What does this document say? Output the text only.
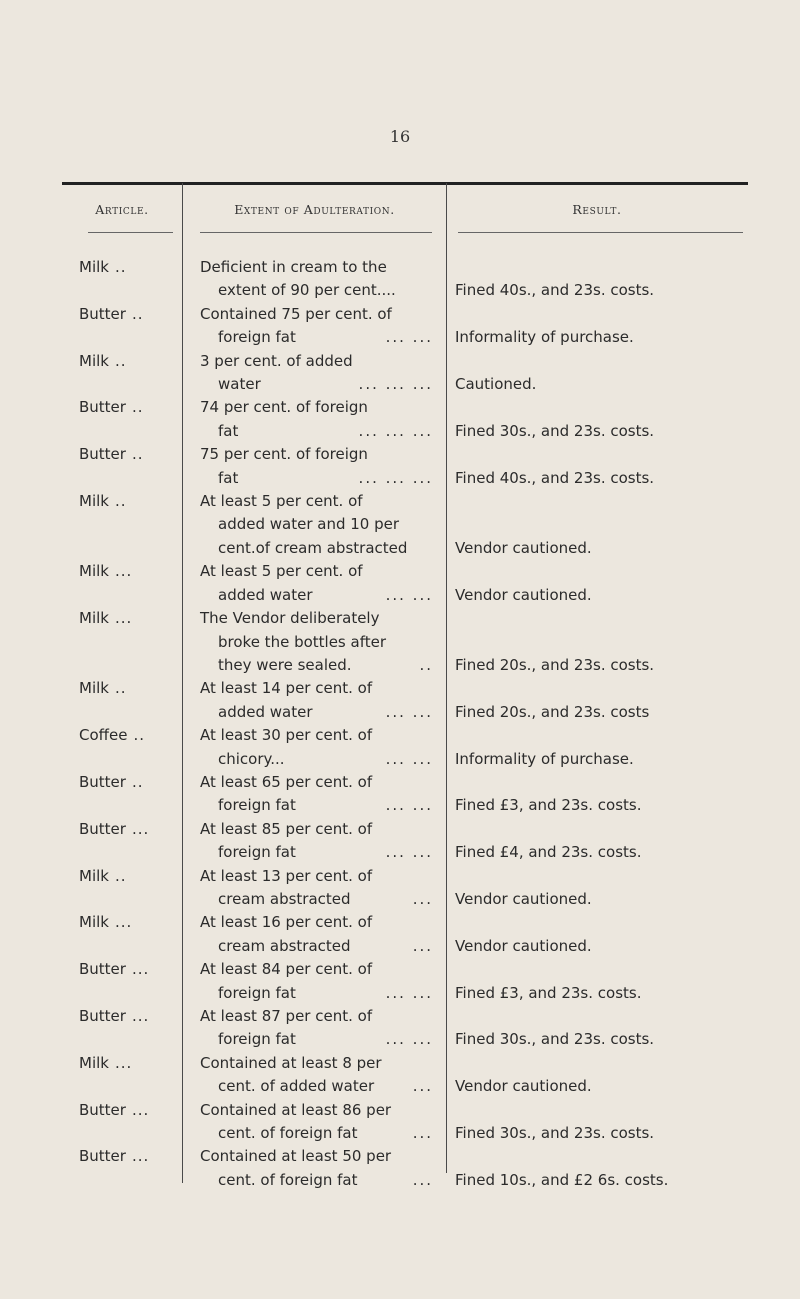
16
Article.	Extent of Adulteration.	Result.
Milk ..	Deficient in cream to the
extent of 90 per cent....	Fined 40s., and 23s. costs.
Butter ..	Contained 75 per cent. of
foreign fat	... ... Informality of purchase.
Milk ..	3 per cent. of added
water	... ... ... Cautioned.
Butter ..	74 per cent. of foreign
fat	... ... ... Fined 30s., and 23s. costs.
Butter ..	75 per cent. of foreign
fat	... ... ... Fined 40s., and 23s. costs.
Milk ..	At least 5 per cent. of
added water and 10 per
cent.of cream abstracted	Vendor cautioned.
Milk ...	At least 5 per cent. of
added water	... ... Vendor cautioned.
Milk ...	The Vendor deliberately
broke the bottles after
they were sealed.	.. Fined 20s., and 23s. costs.
Milk ..	At least 14 per cent. of
added water	... ... Fined 20s., and 23s. costs
Coffee ..	At least 30 per cent. of
chicory...	... ... Informality of purchase.
Butter ..	At least 65 per cent. of
foreign fat	... ... Fined £3, and 23s. costs.
Butter ...	At least 85 per cent. of
foreign fat	... ... Fined £4, and 23s. costs.
Milk ..	At least 13 per cent. of
cream abstracted	... Vendor cautioned.
Milk ...	At least 16 per cent. of
cream abstracted	... Vendor cautioned.
Butter ...	At least 84 per cent. of
foreign fat	... ... Fined £3, and 23s. costs.
Butter ...	At least 87 per cent. of
foreign fat	... ... Fined 30s., and 23s. costs.
Milk ...	Contained at least 8 per
cent. of added water	... Vendor cautioned.
Butter ...	Contained at least 86 per
cent. of foreign fat	... Fined 30s., and 23s. costs.
Butter ...	Contained at least 50 per
cent. of foreign fat	... Fined 10s., and £2 6s. costs.
